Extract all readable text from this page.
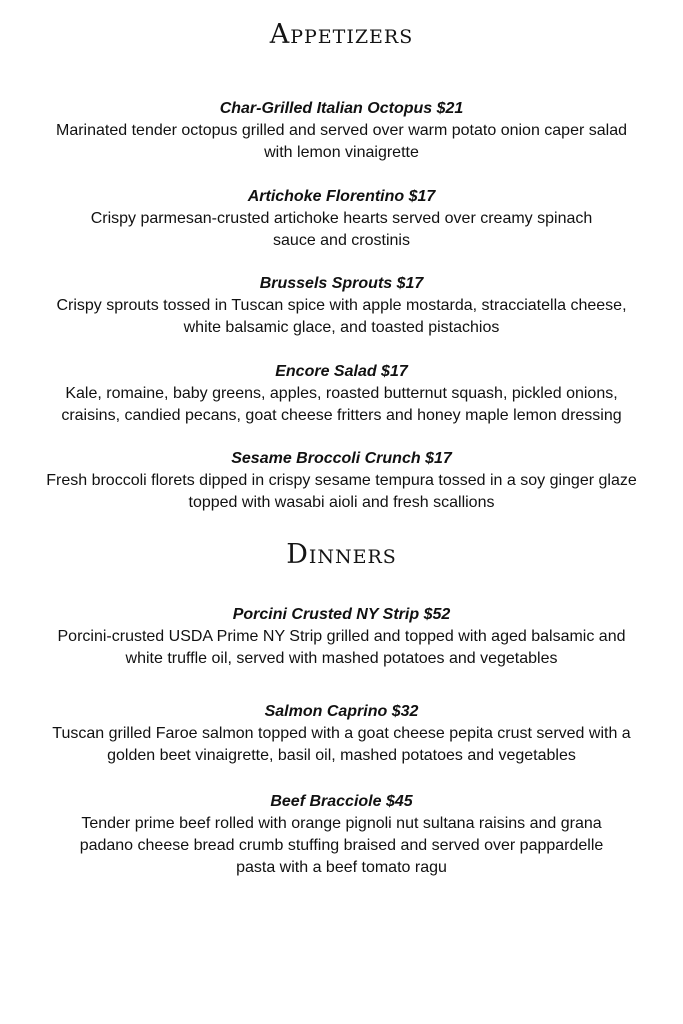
Appetizers
Char-Grilled Italian Octopus $21
Marinated tender octopus grilled and served over warm potato onion caper salad
with lemon vinaigrette
Artichoke Florentino $17
Crispy parmesan-crusted artichoke hearts served over creamy spinach
sauce and crostinis
Brussels Sprouts $17
Crispy sprouts tossed in Tuscan spice with apple mostarda, stracciatella cheese,
white balsamic glace, and toasted pistachios
Encore Salad $17
Kale, romaine, baby greens, apples, roasted butternut squash, pickled onions,
craisins, candied pecans, goat cheese fritters and honey maple lemon dressing
Sesame Broccoli Crunch $17
Fresh broccoli florets dipped in crispy sesame tempura tossed in a soy ginger glaze
topped with wasabi aioli and fresh scallions
Dinners
Porcini Crusted NY Strip $52
Porcini-crusted USDA Prime NY Strip grilled and topped with aged balsamic and
white truffle oil, served with mashed potatoes and vegetables
Salmon Caprino $32
Tuscan grilled Faroe salmon topped with a goat cheese pepita crust served with a
golden beet vinaigrette, basil oil, mashed potatoes and vegetables
Beef Bracciole $45
Tender prime beef rolled with orange pignoli nut sultana raisins and grana
padano cheese bread crumb stuffing braised and served over pappardelle
pasta with a beef tomato ragu
